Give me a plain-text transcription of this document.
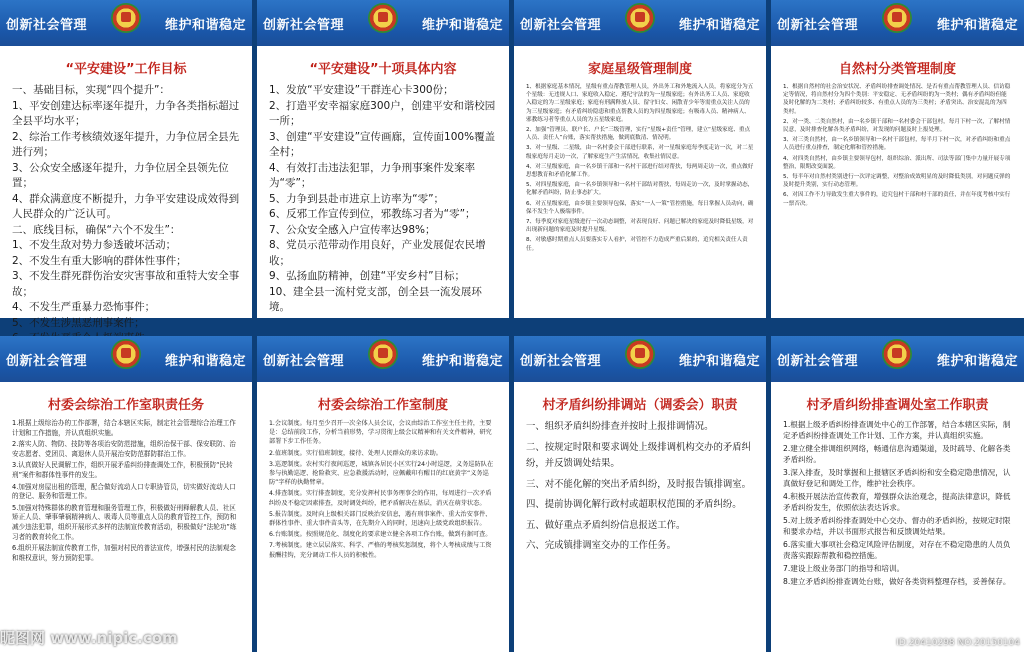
创新社会管理	维护和谐稳定
“平安建设”工作目标

一、基础目标，实现“四个提升”：

1、平安创建达标率逐年提升，力争各类指标超过全县平均水平；

2、综治工作考核绩效逐年提升，力争位居全县先进行列；

3、公众安全感逐年提升，力争位居全县领先位置；

4、群众满意度不断提升，力争平安建设成效得到人民群众的广泛认可。

二、底线目标，确保“六个不发生”：

1、不发生敌对势力参透破坏活动；

2、不发生有重大影响的群体性事件；

3、不发生群死群伤治安灾害事故和重特大安全事故；

4、不发生严重暴力恐怖事件；

5、不发生涉黑恶刑事案件；

创新社会管理	维护和谐稳定
“平安建设”十项具体内容

1、发放“平安建设”干群连心卡300份；

2、打造平安幸福家庭300户，创建平安和谐校园一所；

3、创建“平安建设”宣传画廊，宣传面100%覆盖全村；

4、有效打击违法犯罪，力争刑事案件发案率为“零”；

5、力争到县赴市进京上访率为“零”；

6、反邪工作宣传到位，邪教练习者为“零”；

7、公众安全感入户宣传率达98%；

8、党员示范带动作用良好，产业发展促农民增收；

9、弘扬血防精神，创建“平安乡村”目标；

10、建全县一流村党支部，创全县一流发展环境。

创新社会管理	维护和谐稳定
家庭星级管理制度

1、根据家庭基本情况，星级有重点帮教管理人员，外出务工和外地流入人员，将家庭分为五个星级：无违规人口、家庭收入稳定、遵纪守法的为一星级家庭；有外出务工人员、家庭收入稳定的为二星级家庭；家庭有刑满释放人员、留守妇女、闲散青少年等需重点关注人员的为三星级家庭；有矛盾纠纷隐患和重点帮教人员的为四星级家庭；有吸毒人员、精神病人、邪教练习者等重点人员的为五星级家庭。

2、加强“管理员、联户长、户长”三级管理，实行“星级+责任”管理，建立“星级家庭、重点人员、责任人”台账，落实帮扶措施，做到底数清、情况明。

3、对一星级、二星级，由一名村委会干部进行联系，对一星级家庭每季度走访一次，对二星级家庭每月走访一次，了解家庭生产生活情况，收集社情民意。

4、对三星级家庭，由一名乡镇干部和一名村干部进行结对帮扶，每两周走访一次，重点做好思想教育和矛盾化解工作。

5、对四星级家庭，由一名乡镇领导和一名村干部结对帮扶，每周走访一次，及时掌握动态，化解矛盾纠纷，防止事态扩大。

6、对五星级家庭，由乡镇主要领导包保，落实“一人一策”管控措施，每日掌握人员动向，确保不发生个人极端事件。

7、每季度对家庭星级进行一次动态调整，对表现良好、问题已解决的家庭及时降低星级，对出现新问题的家庭及时提升星级。

8、对敏感时期重点人员要落实专人看护，对管控不力造成严重后果的，追究相关责任人责任。

创新社会管理	维护和谐稳定
自然村分类管理制度

1、根据自然村的社会治安状况、矛盾纠纷排查调处情况、是否有重点帮教管理人员、信访稳定等情况，将自然村分为四个类别：平安稳定、无矛盾纠纷的为一类村；偶有矛盾纠纷但能及时化解的为二类村；矛盾纠纷较多、有重点人员的为三类村；矛盾突出、治安混乱的为四类村。

2、对一类、二类自然村，由一名乡镇干部和一名村委会干部包村，每月下村一次，了解村情民意，及时排查化解各类矛盾纠纷，对发现的问题及时上报处理。

3、对三类自然村，由一名乡镇领导和一名村干部包村，每半月下村一次，对矛盾纠纷和重点人员进行重点排查，制定化解和管控措施。

4、对四类自然村，由乡镇主要领导包村，组织综治、派出所、司法等部门集中力量开展专项整治，限期改变面貌。

5、每半年对自然村类别进行一次评定调整，对整治成效明显的及时降低类别，对问题反弹的及时提升类别，实行动态管理。

6、对因工作不力导致发生重大事件的，追究包村干部和村干部的责任，并在年度考核中实行一票否决。

创新社会管理	维护和谐稳定
村委会综治工作室职责任务

1.根据上级综治办的工作部署，结合本辖区实际，制定社会管理综合治理工作计划和工作措施，并认真组织实施。

2.落实人防、物防、技防等各项治安防范措施，组织治保干部、保安联防、治安志愿者、党团员、离退休人员开展治安防范群防群治工作。

3.认真做好人民调解工作，组织开展矛盾纠纷排查调处工作，积极预防“民转刑”案件和群体性事件的发生。

4.加强对房屋出租的管理，配合做好流动人口专职协管员，切实做好流动人口的登记、服务和管理工作。

5.加强对特殊群体的教育管理和服务管理工作，积极做好刑释解教人员、社区矫正人员、肇事肇祸精神病人、吸毒人员等重点人员的教育管控工作，预防和减少违法犯罪，组织开展形式多样的法制宣传教育活动，积极做好“法轮功”练习者的教育转化工作。

6.组织开展法制宣传教育工作，加强对村民的普法宣传，增强村民的法制观念和维权意识，努力预防犯罪。

昵图网 www.nipic.com
创新社会管理	维护和谐稳定
村委会综治工作室制度

1.会议制度。每月至少召开一次全体人员会议，会议由综治工作室主任主持，主要是：总结前段工作，分析当前形势，学习贯彻上级会议精神和有关文件精神，研究部署下步工作任务。

2.值班制度。实行值班制度，接待、处理人民群众的来访求助。

3.巡逻制度。农村实行夜间巡逻，城镇各居民小区实行24小时巡逻，义务巡防队在参与执勤巡逻、抢险救灾、应急救援活动时，应佩戴印有醒目的红底黄字“义务巡防”字样的执勤臂章。

4.排查制度。实行排查制度，充分发挥村民事务理事会的作用，每周进行一次矛盾纠纷及不稳定因素排查，及时调处纠纷，把矛盾解决在基层，消灭在萌芽状态。

5.报告制度。及时向上级相关部门反映治安信息，遇有刑事案件、重大治安事件、群体性事件、重大事件苗头等，在先期介入的同时，迅速向上级党政组织报告。

6.台账制度。按照规范化、制度化的要求建立健全各项工作台账，做到有据可查。

7.考核制度。建立层层落实、科学、严格的考核奖惩制度，将个人考核成绩与工资报酬挂钩，充分调动工作人员的积极性。

创新社会管理	维护和谐稳定
村矛盾纠纷排调站（调委会）职责

一、组织矛盾纠纷排查并按时上报排调情况。

二、按规定时限和要求调处上级排调机构交办的矛盾纠纷，并反馈调处结果。

三、对不能化解的突出矛盾纠纷，及时报告镇排调室。

四、提前协调化解行政村或超职权范围的矛盾纠纷。

五、做好重点矛盾纠纷信息报送工作。

六、完成镇排调室交办的工作任务。

创新社会管理	维护和谐稳定
村矛盾纠纷排查调处室工作职责

1.根据上级矛盾纠纷排查调处中心的工作部署，结合本辖区实际，制定矛盾纠纷排查调处工作计划、工作方案，并认真组织实施。

2.建立健全排调组织网络，畅通信息沟通渠道，及时疏导、化解各类矛盾纠纷。

3.深入排查，及时掌握和上报辖区矛盾纠纷和安全稳定隐患情况，认真做好登记和调处工作，维护社会秩序。

4.积极开展法治宣传教育，增强群众法治观念，提高法律意识，降低矛盾纠纷发生，依照依法表达诉求。

5.对上级矛盾纠纷排查调处中心交办、督办的矛盾纠纷，按规定时限和要求办结，并以书面形式报告和反馈调处结果。

6.落实重大事项社会稳定风险评估制度，对存在不稳定隐患的人员负责落实跟踪帮教和稳控措施。

7.建设上级业务部门的指导和培训。

8.建立矛盾纠纷排查调处台账，做好各类资料整理存档，妥善保存。

ID:20410298 NO:20150104
